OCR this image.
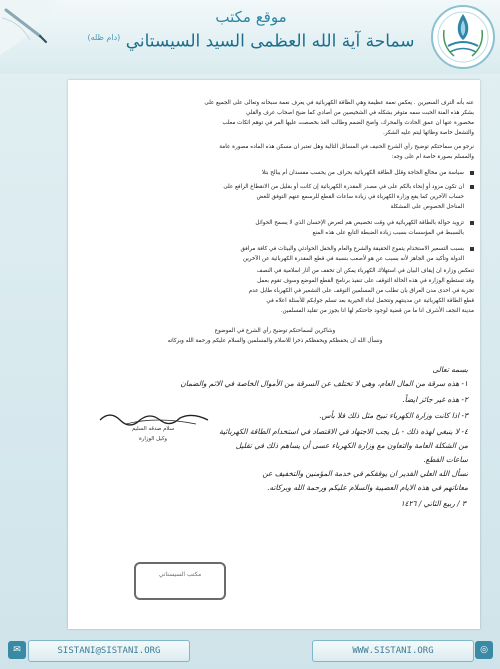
موقع مكتب
سماحة آية الله العظمى السيد السيستاني $^{(دام ظله)}$
عنه بأنه الترف السعيرين . يعكس نعمة عظيمة وهي الطاقة الكهربائية في يعرف نعمة سبحانه وتعالى على الجميع على
بشكر هذه المنة الحبت سمه متوفر بشكله في الشخيصين من أصادي كما ضيح اصحاب عرف والقلي
مخصورة عنها ان عمق الحادث والمحرك، واضح الضمم وطالب الغذ بخصصت عليها المر في توهم اثكات معلب
والتشغل خاصة وظائها ليتم عليه الشكر.
نرجو من سماحتكم توضيح رأي الشرع الحنيف في المسائل التالية وهل تعتبر ان مسكن هذه الماده مصورة عامة
والمسلم بصورة خاصة ام على وجه:
سياسة من مخالع الحاجة وقلل الطاقة الكهربائية بحراف من يحسب مفسدان أم يبالح بتلا
ان تكون مزود أو إنحاء بالكم على في مصدر المقدرة الكهربائية إن كانت أو بقليل من الانقطاع الرافع على
حساب الآخرين كما يقع وزارة الكهرباء في زيادة ساعات القطع للرسمع عنهم التوفق للغض
المناحل الخصوص على المشكلة
تزويد حوالة بالطاقة الكهربائية في وقت تخصيص هم لتعرض الإحسان الذي لا يسمح الحوائل
بالسببط في المؤسسات بسبب زيادة الضبطة التابع على هذه المنع
بسبب التسعير الاستخدام يتموج الحقيقة والشرع والعام والحفل الحوادثي والبيئات في كافة مرافق
الدولة وتأكيد من الجاهز لأنه بسبب عن هو لأصعب بنسبة في قطع المقدرة الكهربائية عن الآخرين
تنعكس وزارة ان إيقاف البيان في استهلاك الكهرباء يمكن ان تخفف من آثار اسلامية في النصف
وقد تستطيع الوزارة في هذه الحالة التوقف على تنفيذ برنامج القطع الموضع وسوف تقوم بعمل
تجربة في احدى مدن العراق بان تطلب من المسلمين التوقف على التشعير في الكهرباء طابل عدم
قطع الطاقة الكهربائية عن مدينتهم وتتحمل ابناء الخيرية بعد تسلم جوابكم للأسئلة اعلاه في
مدينة النجف الأشرف انا ما من قضية لوجود جاحتكم لها انا بجوز من تقليد المسلمين.
وشاكرين لسماحتكم توضيح رأي الشرع في الموضوع
ونسأل الله ان يحفظكم ويحفظكم ذخرا للاسلام والمسلمين والسلام عليكم ورحمة الله وبركاته
بسمه تعالى
١- هذه سرقة من المال العام، وهي لا تختلف عن السرقة من الأموال الخاصة في الاثم والضمان
٢- هذه غير جائز ايضاً.
٣- اذا كانت وزارة الكهرباء تبيح مثل ذلك فلا بأس.
٤- لا ينبغي لهذه ذلك - بل يجب الاجتهاد في الاقتصاد في استخدام الطاقة الكهربائية
من الشكلة العامة والتعاون مع وزارة الكهرباء عسى أن يساهم ذلك في تقليل
ساعات القطع.
نسأل الله العلي القدير ان يوفقكم في خدمة المؤمنين والتخفيف عن
معاناتهم في هذه الايام العصيبة والسلام عليكم ورحمة الله وبركاته.
٣ / ربيع الثاني / ١٤٢٦
سلام صدقه السليم
وكيل الوزارة
مكتب السيستاني
✉	SISTANI@SISTANI.ORG	WWW.SISTANI.ORG	◎
